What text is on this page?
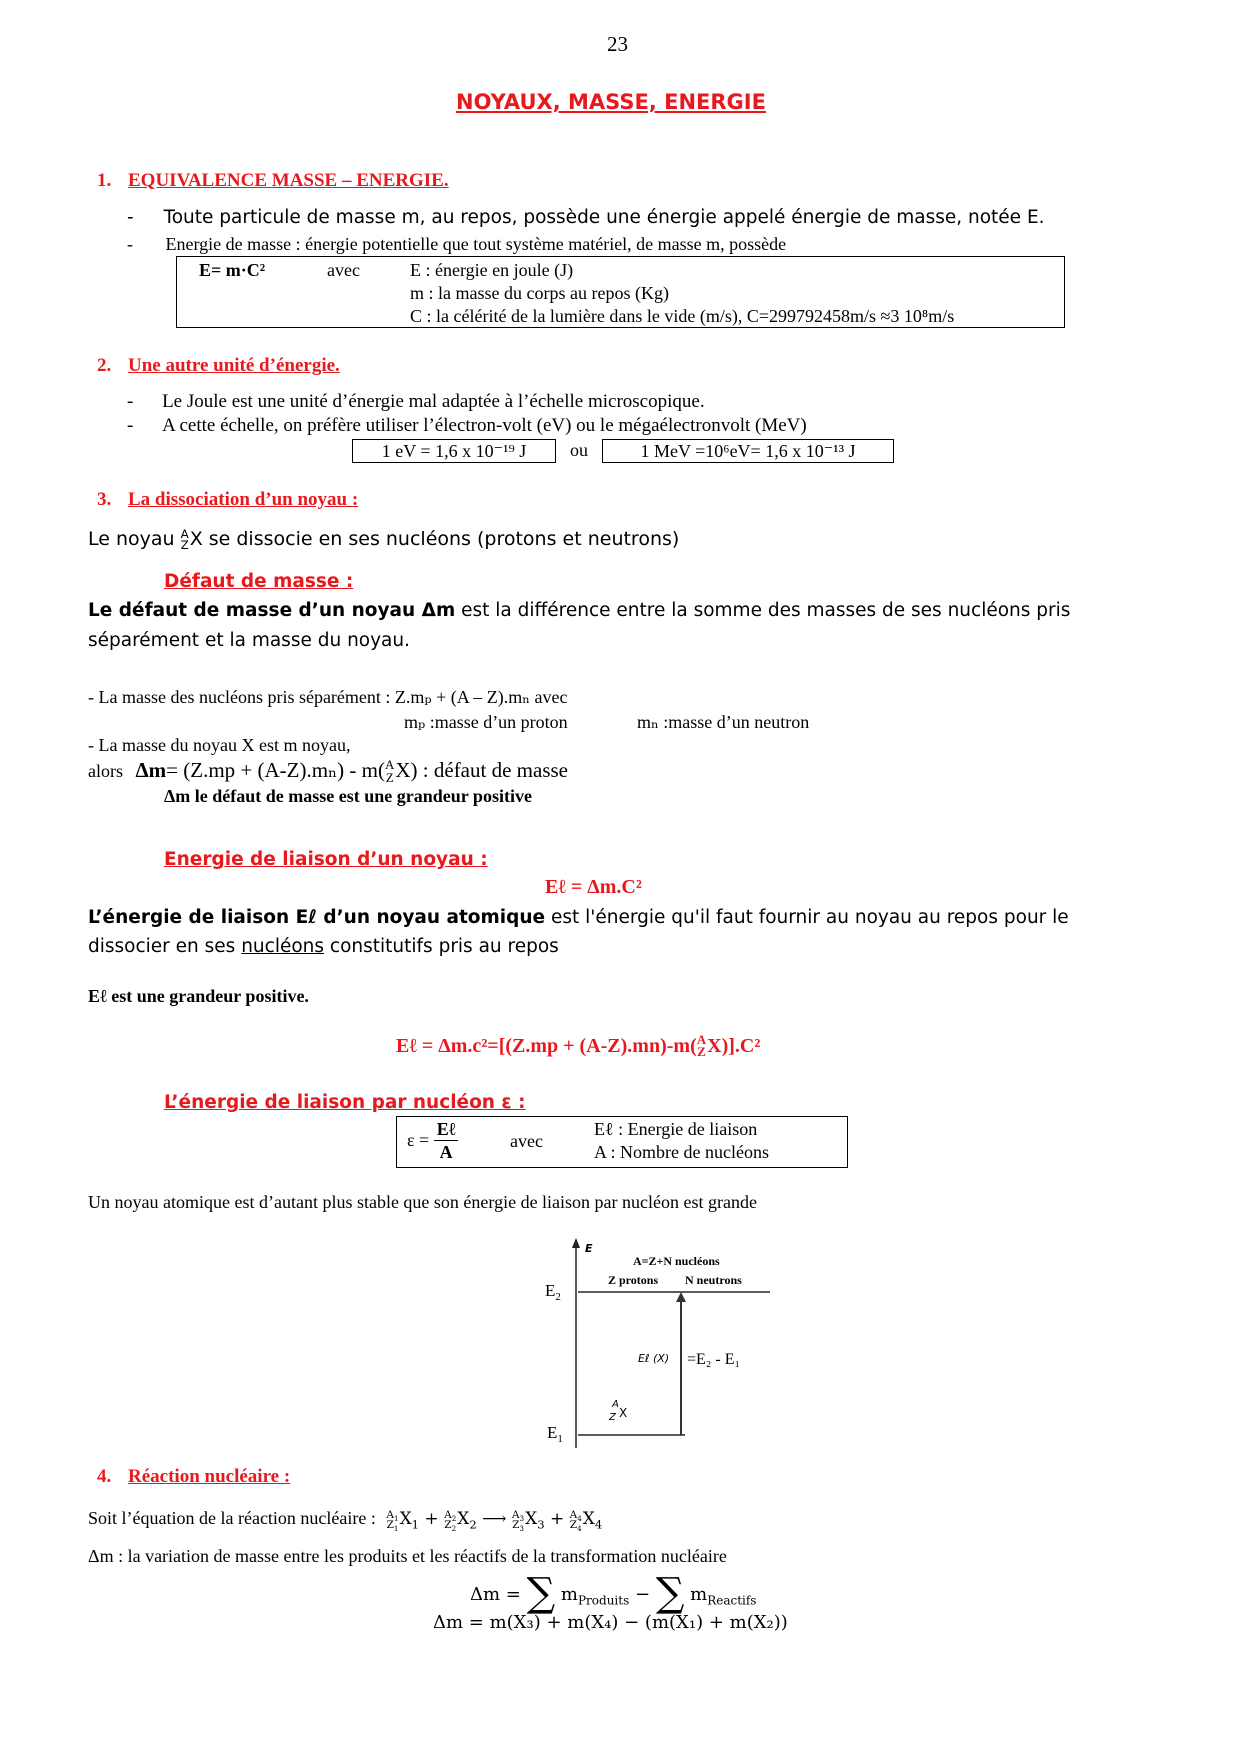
23
NOYAUX, MASSE, ENERGIE
1. EQUIVALENCE MASSE – ENERGIE.
- Toute particule de masse m, au repos, possède une énergie appelé énergie de masse, notée E.
- Energie de masse : énergie potentielle que tout système matériel, de masse m, possède
E= m·C²	avec	E : énergie en joule (J)
m : la masse du corps au repos (Kg)
C : la célérité de la lumière dans le vide (m/s), C=299792458m/s ≈3 10⁸m/s
2. Une autre unité d’énergie.
- Le Joule est une unité d’énergie mal adaptée à l’échelle microscopique.
- A cette échelle, on préfère utiliser l’électron-volt (eV) ou le mégaélectronvolt (MeV)
1 eV = 1,6 x 10⁻¹⁹ J	ou	1 MeV =10⁶eV= 1,6 x 10⁻¹³ J
3. La dissociation d’un noyau :
Le noyau A
Z X se dissocie en ses nucléons (protons et neutrons)
Défaut de masse :
Le défaut de masse d’un noyau Δm est la différence entre la somme des masses de ses nucléons pris
séparément et la masse du noyau.
- La masse des nucléons pris séparément : Z.mₚ + (A – Z).mₙ avec
mₚ :masse d’un proton	mₙ :masse d’un neutron
- La masse du noyau X est m noyau,
alors Δm= (Z.mp + (A-Z).mₙ) - m( A
Z X) : défaut de masse
Δm le défaut de masse est une grandeur positive
Energie de liaison d’un noyau :
Eℓ = Δm.C²
L’énergie de liaison Eℓ d’un noyau atomique est l'énergie qu'il faut fournir au noyau au repos pour le
dissocier en ses nucléons constitutifs pris au repos
Eℓ est une grandeur positive.
Eℓ = Δm.c²=[(Z.mp + (A-Z).mn)-m( A
Z X)].C²
L’énergie de liaison par nucléon ε :
$\varepsilon = \frac{\text{Eℓ}}{A}$	avec
Eℓ : Energie de liaison
A : Nombre de nucléons
Un noyau atomique est d’autant plus stable que son énergie de liaison par nucléon est grande
E
A=Z+N nucléons
Z protons N neutrons
$E_2$
$E_1$
Eℓ (X) =E₂ - E₁
A
Z X
4. Réaction nucléaire :
Soit l’équation de la réaction nucléaire : $A_1$
$Z_1$ $X_1 + A_2$
$Z_2$ $X_2$ ⟶ $A_3$
$Z_3$ $X_3 + A_4$
$Z_4$ $X_4$
Δm : la variation de masse entre les produits et les réactifs de la transformation nucléaire
Δm = ∑ $m_{Produits}$ − ∑ $m_{Reactifs}$
Δm = m(X₃) + m(X₄) − (m(X₁) + m(X₂))
